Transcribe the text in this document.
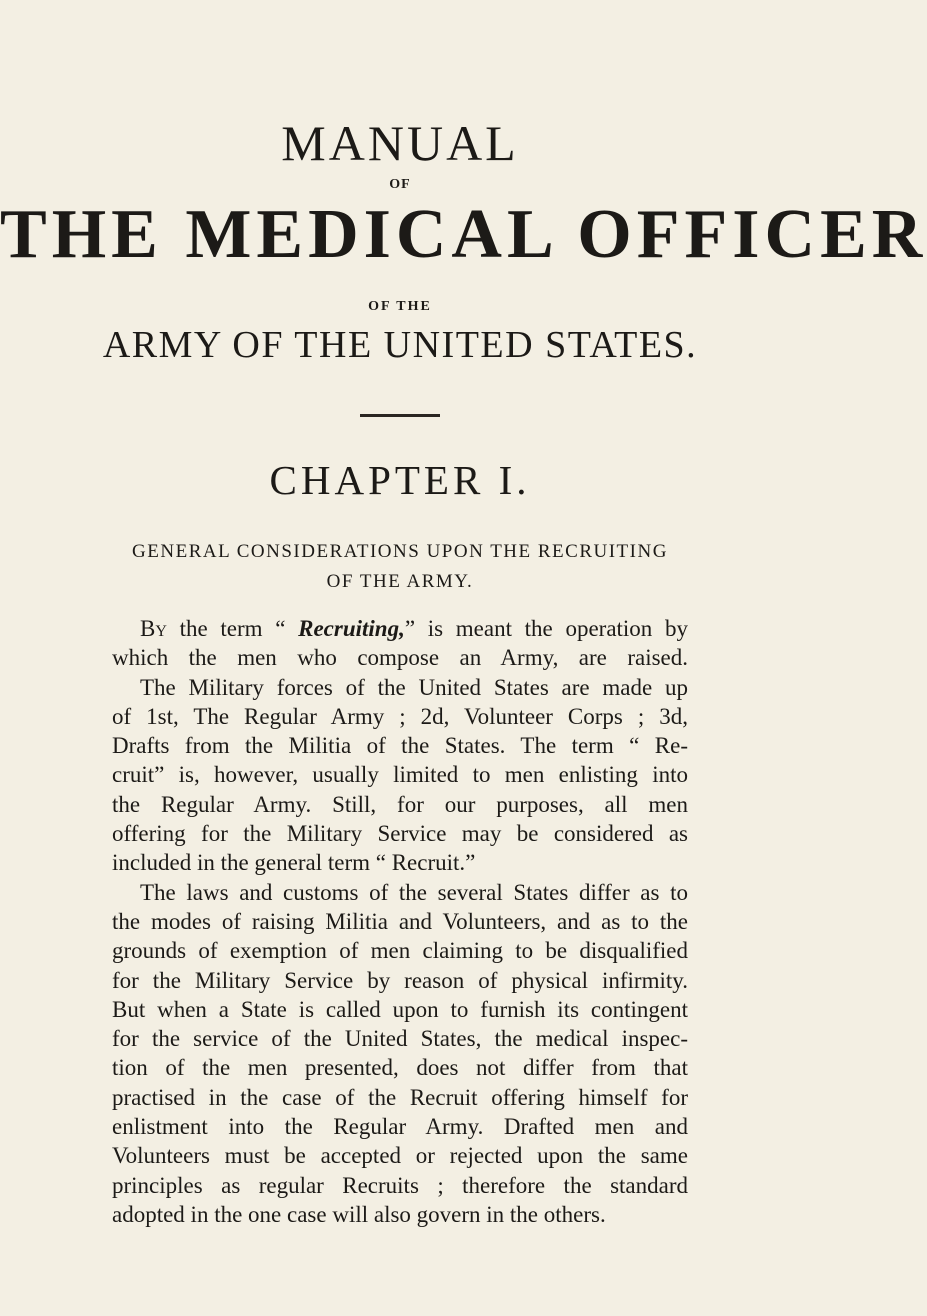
MANUAL
OF
THE MEDICAL OFFICER
OF THE
ARMY OF THE UNITED STATES.
CHAPTER I.
GENERAL CONSIDERATIONS UPON THE RECRUITING
OF THE ARMY.
By the term “ Recruiting,” is meant the operation by
which the men who compose an Army, are raised.
The Military forces of the United States are made up
of 1st, The Regular Army ; 2d, Volunteer Corps ; 3d,
Drafts from the Militia of the States. The term “ Re-
cruit” is, however, usually limited to men enlisting into
the Regular Army. Still, for our purposes, all men
offering for the Military Service may be considered as
included in the general term “ Recruit.”
The laws and customs of the several States differ as to
the modes of raising Militia and Volunteers, and as to the
grounds of exemption of men claiming to be disqualified
for the Military Service by reason of physical infirmity.
But when a State is called upon to furnish its contingent
for the service of the United States, the medical inspec-
tion of the men presented, does not differ from that
practised in the case of the Recruit offering himself for
enlistment into the Regular Army. Drafted men and
Volunteers must be accepted or rejected upon the same
principles as regular Recruits ; therefore the standard
adopted in the one case will also govern in the others.
